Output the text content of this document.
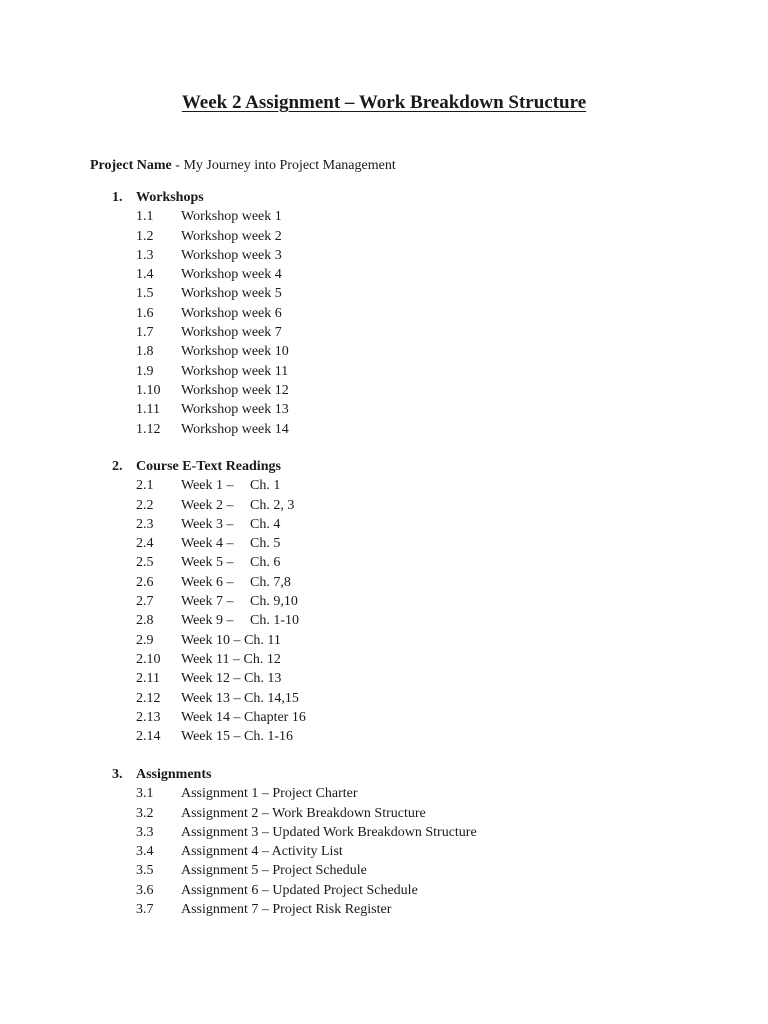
Week 2 Assignment – Work Breakdown Structure
Project Name - My Journey into Project Management
1. Workshops
1.1 Workshop week 1
1.2 Workshop week 2
1.3 Workshop week 3
1.4 Workshop week 4
1.5 Workshop week 5
1.6 Workshop week 6
1.7 Workshop week 7
1.8 Workshop week 10
1.9 Workshop week 11
1.10 Workshop week 12
1.11 Workshop week 13
1.12 Workshop week 14
2. Course E-Text Readings
2.1 Week 1 – Ch. 1
2.2 Week 2 – Ch. 2, 3
2.3 Week 3 – Ch. 4
2.4 Week 4 – Ch. 5
2.5 Week 5 – Ch. 6
2.6 Week 6 – Ch. 7,8
2.7 Week 7 – Ch. 9,10
2.8 Week 9 – Ch. 1-10
2.9 Week 10 – Ch. 11
2.10 Week 11 – Ch. 12
2.11 Week 12 – Ch. 13
2.12 Week 13 – Ch. 14,15
2.13 Week 14 – Chapter 16
2.14 Week 15 – Ch. 1-16
3. Assignments
3.1 Assignment 1 – Project Charter
3.2 Assignment 2 – Work Breakdown Structure
3.3 Assignment 3 – Updated Work Breakdown Structure
3.4 Assignment 4 – Activity List
3.5 Assignment 5 – Project Schedule
3.6 Assignment 6 – Updated Project Schedule
3.7 Assignment 7 – Project Risk Register
